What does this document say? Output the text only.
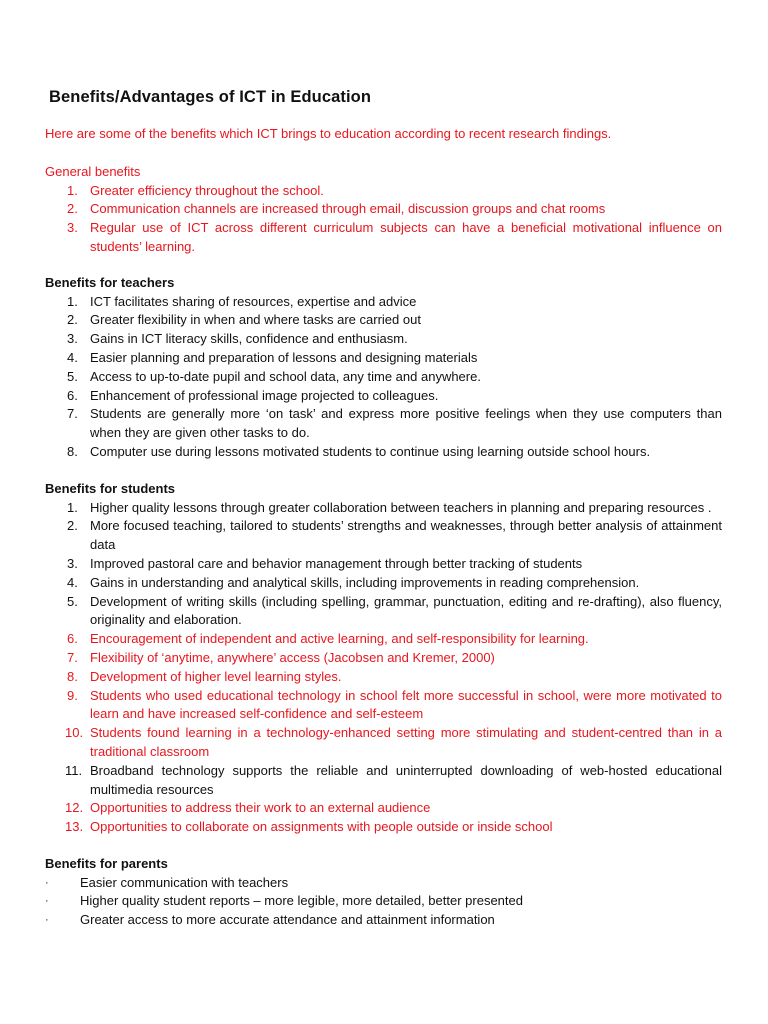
Benefits/Advantages of ICT in Education

Here are some of the benefits which ICT brings to education according to recent research findings.

General benefits

1. Greater efficiency throughout the school.
2. Communication channels are increased through email, discussion groups and chat rooms
3. Regular use of ICT across different curriculum subjects can have a beneficial motivational influence on students’ learning.

Benefits for teachers

1. ICT facilitates sharing of resources, expertise and advice
2. Greater flexibility in when and where tasks are carried out
3. Gains in ICT literacy skills, confidence and enthusiasm.
4. Easier planning and preparation of lessons and designing materials
5. Access to up-to-date pupil and school data, any time and anywhere.
6. Enhancement of professional image projected to colleagues.
7. Students are generally more ‘on task’ and express more positive feelings when they use computers than when they are given other tasks to do.
8. Computer use during lessons motivated students to continue using learning outside school hours.

Benefits for students

1. Higher quality lessons through greater collaboration between teachers in planning and preparing resources .
2. More focused teaching, tailored to students’ strengths and weaknesses, through better analysis of attainment data
3. Improved pastoral care and behavior management through better tracking of students
4. Gains in understanding and analytical skills, including improvements in reading comprehension.
5. Development of writing skills (including spelling, grammar, punctuation, editing and re-drafting), also fluency, originality and elaboration.
6. Encouragement of independent and active learning, and self-responsibility for learning.
7. Flexibility of ‘anytime, anywhere’ access (Jacobsen and Kremer, 2000)
8. Development of higher level learning styles.
9. Students who used educational technology in school felt more successful in school, were more motivated to learn and have increased self-confidence and self-esteem
10. Students found learning in a technology-enhanced setting more stimulating and student-centred than in a traditional classroom
11. Broadband technology supports the reliable and uninterrupted downloading of web-hosted educational multimedia resources
12. Opportunities to address their work to an external audience
13. Opportunities to collaborate on assignments with people outside or inside school

Benefits for parents

· Easier communication with teachers
· Higher quality student reports – more legible, more detailed, better presented
· Greater access to more accurate attendance and attainment information
